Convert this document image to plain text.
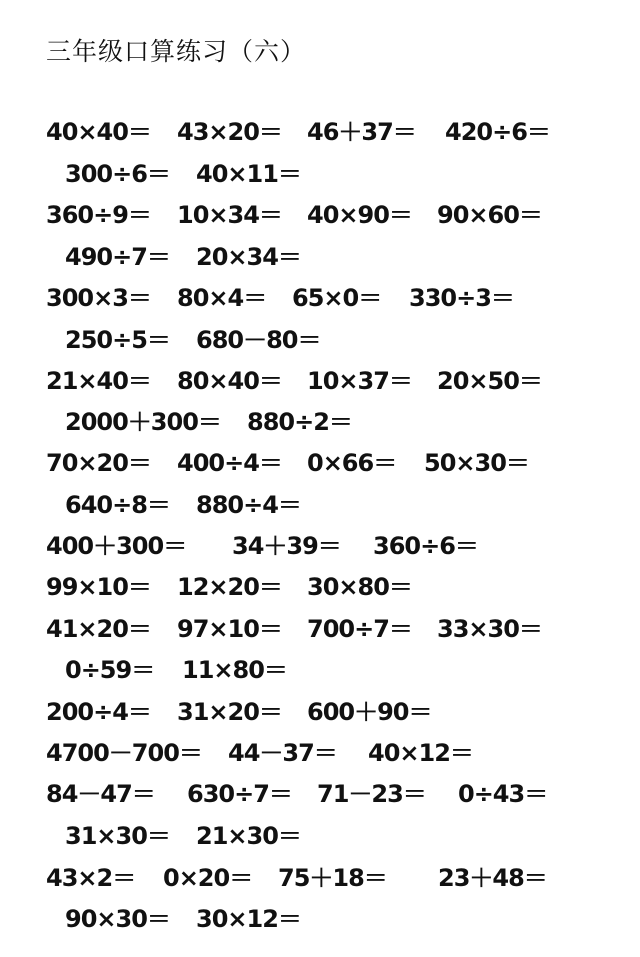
三年级口算练习（六）
40×40＝ 43×20＝ 46＋37＝ 420÷6＝
300÷6＝ 40×11＝
360÷9＝ 10×34＝ 40×90＝ 90×60＝
490÷7＝ 20×34＝
300×3＝ 80×4＝ 65×0＝ 330÷3＝
250÷5＝ 680－80＝
21×40＝ 80×40＝ 10×37＝ 20×50＝
2000＋300＝ 880÷2＝
70×20＝ 400÷4＝ 0×66＝ 50×30＝
640÷8＝ 880÷4＝
400＋300＝ 34＋39＝ 360÷6＝
99×10＝ 12×20＝ 30×80＝
41×20＝ 97×10＝ 700÷7＝ 33×30＝
0÷59＝ 11×80＝
200÷4＝ 31×20＝ 600＋90＝
4700－700＝ 44－37＝ 40×12＝
84－47＝ 630÷7＝ 71－23＝ 0÷43＝
31×30＝ 21×30＝
43×2＝ 0×20＝ 75＋18＝ 23＋48＝
90×30＝ 30×12＝
